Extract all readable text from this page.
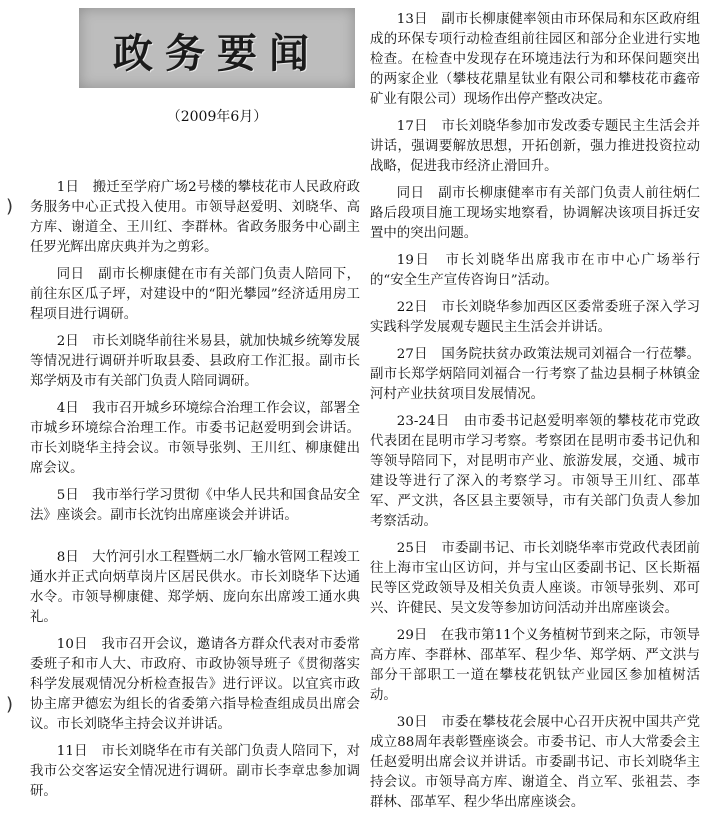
政务要闻
（2009年6月）

1日　搬迁至学府广场2号楼的攀枝花市人民政府政务服务中心正式投入使用。市领导赵爱明、刘晓华、高方库、谢道全、王川红、李群林。省政务服务中心副主任罗光辉出席庆典并为之剪彩。

同日　副市长柳康健在市有关部门负责人陪同下，前往东区瓜子坪，对建设中的“阳光攀园”经济适用房工程项目进行调研。

2日　市长刘晓华前往米易县，就加快城乡统筹发展等情况进行调研并听取县委、县政府工作汇报。副市长郑学炳及市有关部门负责人陪同调研。

4日　我市召开城乡环境综合治理工作会议，部署全市城乡环境综合治理工作。市委书记赵爱明到会讲话。市长刘晓华主持会议。市领导张刿、王川红、柳康健出席会议。

5日　我市举行学习贯彻《中华人民共和国食品安全法》座谈会。副市长沈钧出席座谈会并讲话。

8日　大竹河引水工程暨炳二水厂输水管网工程竣工通水并正式向炳草岗片区居民供水。市长刘晓华下达通水令。市领导柳康健、郑学炳、庞向东出席竣工通水典礼。

10日　我市召开会议，邀请各方群众代表对市委常委班子和市人大、市政府、市政协领导班子《贯彻落实科学发展观情况分析检查报告》进行评议。以宜宾市政协主席尹德宏为组长的省委第六指导检查组成员出席会议。市长刘晓华主持会议并讲话。

11日　市长刘晓华在市有关部门负责人陪同下，对我市公交客运安全情况进行调研。副市长李章忠参加调研。

13日　副市长柳康健率领由市环保局和东区政府组成的环保专项行动检查组前往园区和部分企业进行实地检查。在检查中发现存在环境违法行为和环保问题突出的两家企业（攀枝花鼎星钛业有限公司和攀枝花市鑫帝矿业有限公司）现场作出停产整改决定。

17日　市长刘晓华参加市发改委专题民主生活会并讲话，强调要解放思想，开拓创新，强力推进投资拉动战略，促进我市经济止滑回升。

同日　副市长柳康健率市有关部门负责人前往炳仁路后段项目施工现场实地察看，协调解决该项目拆迁安置中的突出问题。

19日　市长刘晓华出席我市在市中心广场举行的“安全生产宣传咨询日”活动。

22日　市长刘晓华参加西区区委常委班子深入学习实践科学发展观专题民主生活会并讲话。

27日　国务院扶贫办政策法规司刘福合一行莅攀。副市长郑学炳陪同刘福合一行考察了盐边县桐子林镇金河村产业扶贫项目发展情况。

23-24日　由市委书记赵爱明率领的攀枝花市党政代表团在昆明市学习考察。考察团在昆明市委书记仇和等领导陪同下，对昆明市产业、旅游发展，交通、城市建设等进行了深入的考察学习。市领导王川红、邵革军、严文洪，各区县主要领导，市有关部门负责人参加考察活动。

25日　市委副书记、市长刘晓华率市党政代表团前往上海市宝山区访问，并与宝山区委副书记、区长斯福民等区党政领导及相关负责人座谈。市领导张刿、邓可兴、许健民、吴文发等参加访问活动并出席座谈会。

29日　在我市第11个义务植树节到来之际，市领导高方库、李群林、邵革军、程少华、郑学炳、严文洪与部分干部职工一道在攀枝花钒钛产业园区参加植树活动。

30日　市委在攀枝花会展中心召开庆祝中国共产党成立88周年表彰暨座谈会。市委书记、市人大常委会主任赵爱明出席会议并讲话。市委副书记、市长刘晓华主持会议。市领导高方库、谢道全、肖立军、张祖芸、李群林、邵革军、程少华出席座谈会。

)
)
